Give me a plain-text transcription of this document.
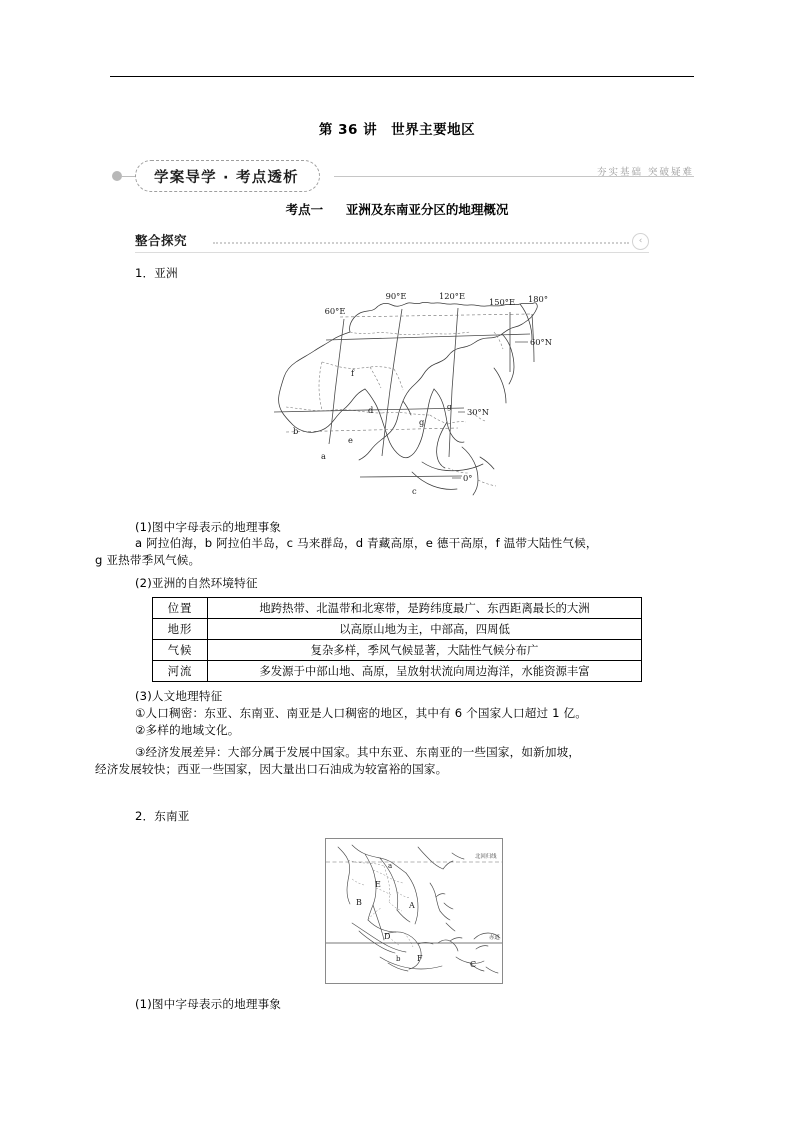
第 36 讲　世界主要地区
学案导学 · 考点透析	夯实基础 突破疑难
考点一 亚洲及东南亚分区的地理概况
整合探究	‹
1．亚洲
60°E
90°E	120°E
150°E 180°
60°N
30°N
0°
a
b
c
d
e
f
g
g
(1)图中字母表示的地理事象
a 阿拉伯海，b 阿拉伯半岛，c 马来群岛，d 青藏高原，e 德干高原，f 温带大陆性气候，
g 亚热带季风气候。
(2)亚洲的自然环境特征
位置	地跨热带、北温带和北寒带，是跨纬度最广、东西距离最长的大洲
地形	以高原山地为主，中部高，四周低
气候	复杂多样，季风气候显著，大陆性气候分布广
河流	多发源于中部山地、高原，呈放射状流向周边海洋，水能资源丰富
(3)人文地理特征
①人口稠密：东亚、东南亚、南亚是人口稠密的地区，其中有 6 个国家人口超过 1 亿。
②多样的地域文化。
③经济发展差异：大部分属于发展中国家。其中东亚、东南亚的一些国家，如新加坡，
经济发展较快；西亚一些国家，因大量出口石油成为较富裕的国家。
2．东南亚
北回归线
赤道
A
B
C
D
E
F
a
b
(1)图中字母表示的地理事象
